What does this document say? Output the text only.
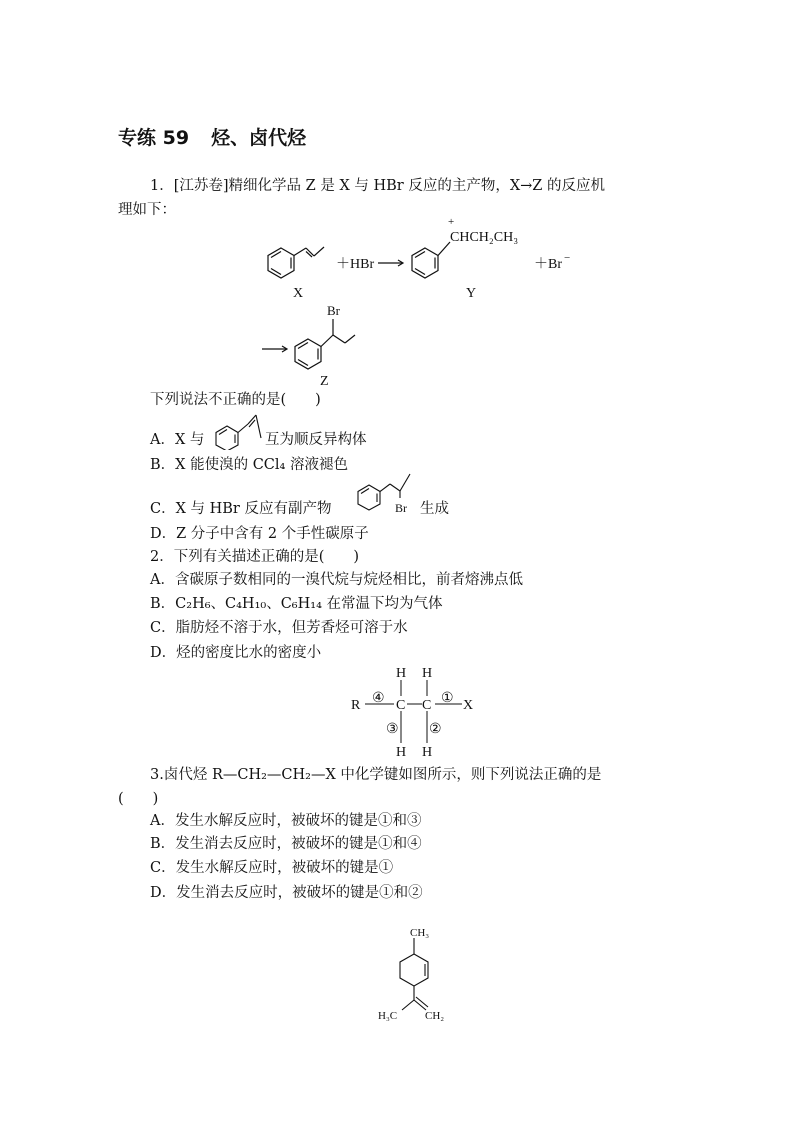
专练 59 烃、卤代烃
1．[江苏卷]精细化学品 Z 是 X 与 HBr 反应的主产物，X→Z 的反应机
理如下：
＋HBr
+
CHCH₂CH₃
＋Br −
X	Y
Br
Z
下列说法不正确的是(　　)
A．X 与	互为顺反异构体
B．X 能使溴的 CCl₄ 溶液褪色
C．X 与 HBr 反应有副产物	Br 生成
D．Z 分子中含有 2 个手性碳原子
2．下列有关描述正确的是(　　)
A．含碳原子数相同的一溴代烷与烷烃相比，前者熔沸点低
B．C₂H₆、C₄H₁₀、C₆H₁₄ 在常温下均为气体
C．脂肪烃不溶于水，但芳香烃可溶于水
D．烃的密度比水的密度小
R	X
C C
H H
H H
④	①
③ ②
3.卤代烃 R—CH₂—CH₂—X 中化学键如图所示，则下列说法正确的是
(　　)
A．发生水解反应时，被破坏的键是①和③
B．发生消去反应时，被破坏的键是①和④
C．发生水解反应时，被破坏的键是①
D．发生消去反应时，被破坏的键是①和②
CH₃
H₃C	CH₂
